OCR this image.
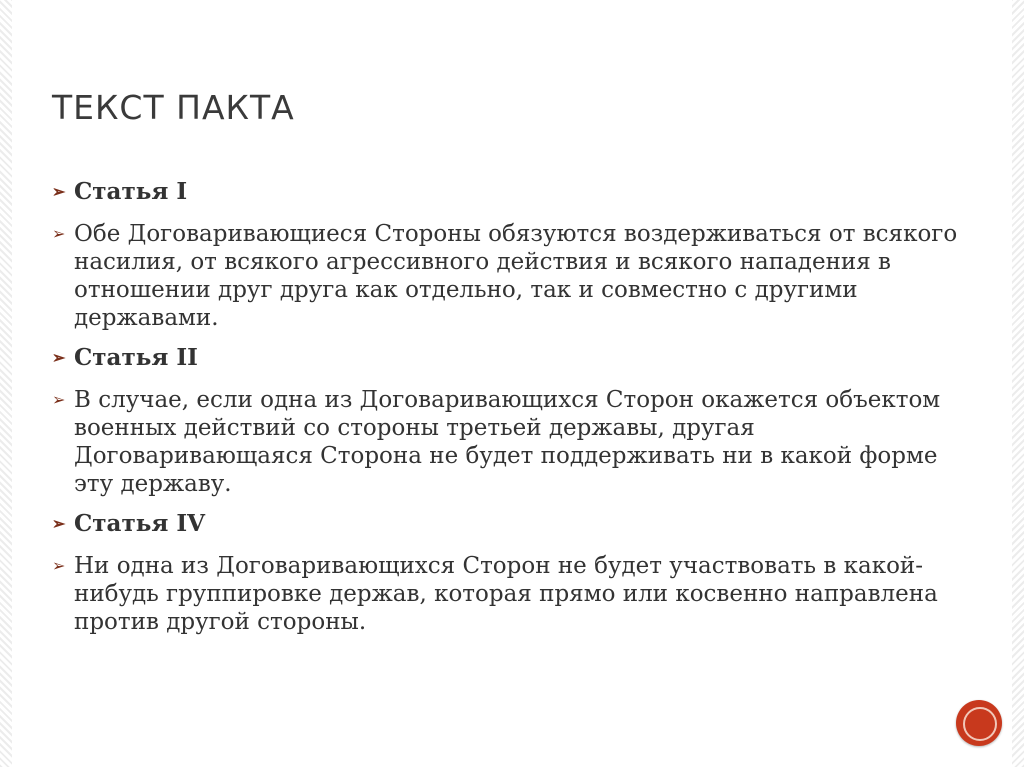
ТЕКСТ ПАКТА
➢ Статья I
➢ Обе Договаривающиеся Стороны обязуются воздерживаться от всякого насилия, от всякого агрессивного действия и всякого нападения в отношении друг друга как отдельно, так и совместно с другими державами.
➢ Статья II
➢ В случае, если одна из Договаривающихся Сторон окажется объектом военных действий со стороны третьей державы, другая Договаривающаяся Сторона не будет поддерживать ни в какой форме эту державу.
➢ Статья IV
➢ Ни одна из Договаривающихся Сторон не будет участвовать в какой-нибудь группировке держав, которая прямо или косвенно направлена против другой стороны.
